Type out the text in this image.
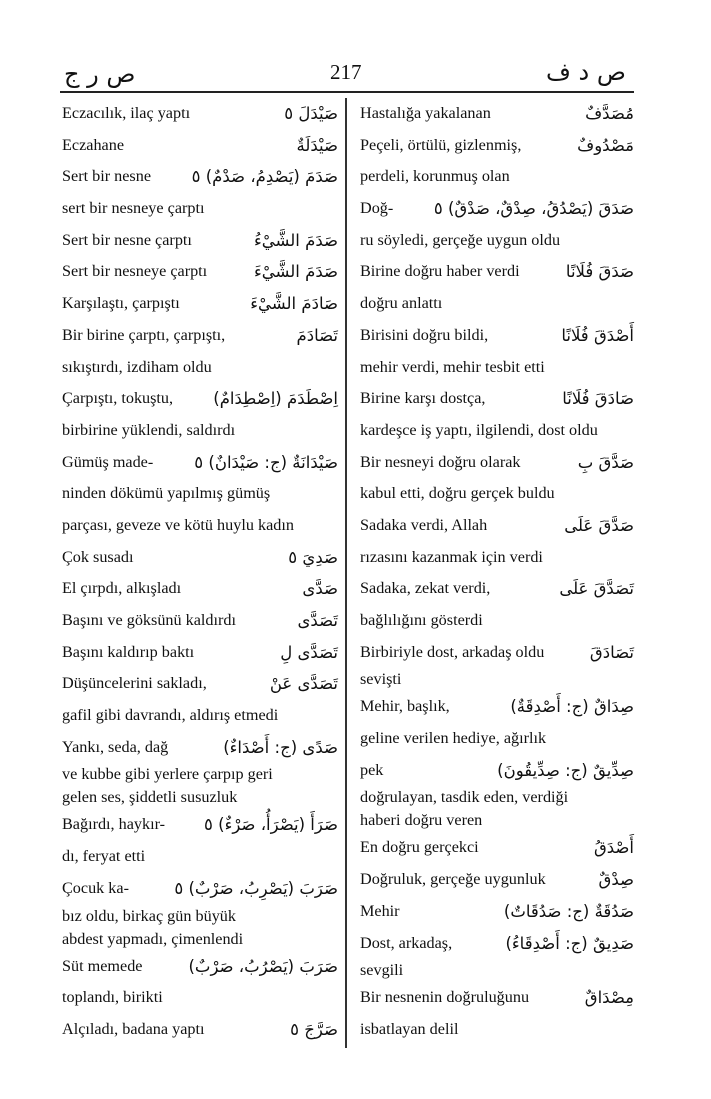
ص ر ج	217	ص د ف
Eczacılık, ilaç yaptı	صَيْدَلَ ٥
Eczahane	صَيْدَلَةٌ
Sert bir nesne صَدَمَ (يَصْدِمُ، صَدْمٌ) ٥
sert bir nesneye çarptı
Sert bir nesne çarptı	صَدَمَ الشَّيْءُ
Sert bir nesneye çarptı	صَدَمَ الشَّيْءَ
Karşılaştı, çarpıştı	صَادَمَ الشَّيْءَ
Bir birine çarptı, çarpıştı,	تَصَادَمَ
sıkıştırdı, izdiham oldu
Çarpıştı, tokuştu, اِصْطَدَمَ (اِصْطِدَامٌ)
birbirine yüklendi, saldırdı
Gümüş made- صَيْدَانَةٌ (ج: صَيْدَانٌ) ٥
ninden dökümü yapılmış gümüş
parçası, geveze ve kötü huylu kadın
Çok susadı	صَدِيَ ٥
El çırpdı, alkışladı	صَدَّى
Başını ve göksünü kaldırdı	تَصَدَّى
Başını kaldırıp baktı	تَصَدَّى لِ
Düşüncelerini sakladı,	تَصَدَّى عَنْ
gafil gibi davrandı, aldırış etmedi
Yankı, seda, dağ	صَدًى (ج: أَصْدَاءٌ)
ve kubbe gibi yerlere çarpıp geri
gelen ses, şiddetli susuzluk
Bağırdı, haykır- صَرَأَ (يَصْرَأُ، صَرْءٌ) ٥
dı, feryat etti
Çocuk ka-	صَرَبَ (يَصْرِبُ، صَرْبٌ) ٥
bız oldu, birkaç gün büyük
abdest yapmadı, çimenlendi
Süt memede	صَرَبَ (يَصْرُبُ، صَرْبٌ)
toplandı, birikti
Alçıladı, badana yaptı	صَرَّجَ ٥
Hastalığa yakalanan	مُصَدَّفٌ
Peçeli, örtülü, gizlenmiş,	مَصْدُوفٌ
perdeli, korunmuş olan
Doğ- صَدَقَ (يَصْدُقُ، صِدْقٌ، صَدْقٌ) ٥
ru söyledi, gerçeğe uygun oldu
Birine doğru haber verdi	صَدَقَ فُلَانًا
doğru anlattı
Birisini doğru bildi,	أَصْدَقَ فُلَانًا
mehir verdi, mehir tesbit etti
Birine karşı dostça,	صَادَقَ فُلَانًا
kardeşce iş yaptı, ilgilendi, dost oldu
Bir nesneyi doğru olarak	صَدَّقَ بِ
kabul etti, doğru gerçek buldu
Sadaka verdi, Allah	صَدَّقَ عَلَى
rızasını kazanmak için verdi
Sadaka, zekat verdi,	تَصَدَّقَ عَلَى
bağlılığını gösterdi
Birbiriyle dost, arkadaş oldu	تَصَادَقَ
sevişti
Mehir, başlık,	صِدَاقٌ (ج: أَصْدِقَةٌ)
geline verilen hediye, ağırlık
pek	صِدِّيقٌ (ج: صِدِّيقُونَ)
doğrulayan, tasdik eden, verdiği
haberi doğru veren
En doğru gerçekci	أَصْدَقُ
Doğruluk, gerçeğe uygunluk	صِدْقٌ
Mehir	صَدُقَةٌ (ج: صَدُقَاتٌ)
Dost, arkadaş,	صَدِيقٌ (ج: أَصْدِقَاءُ)
sevgili
Bir nesnenin doğruluğunu	مِصْدَاقٌ
isbatlayan delil
